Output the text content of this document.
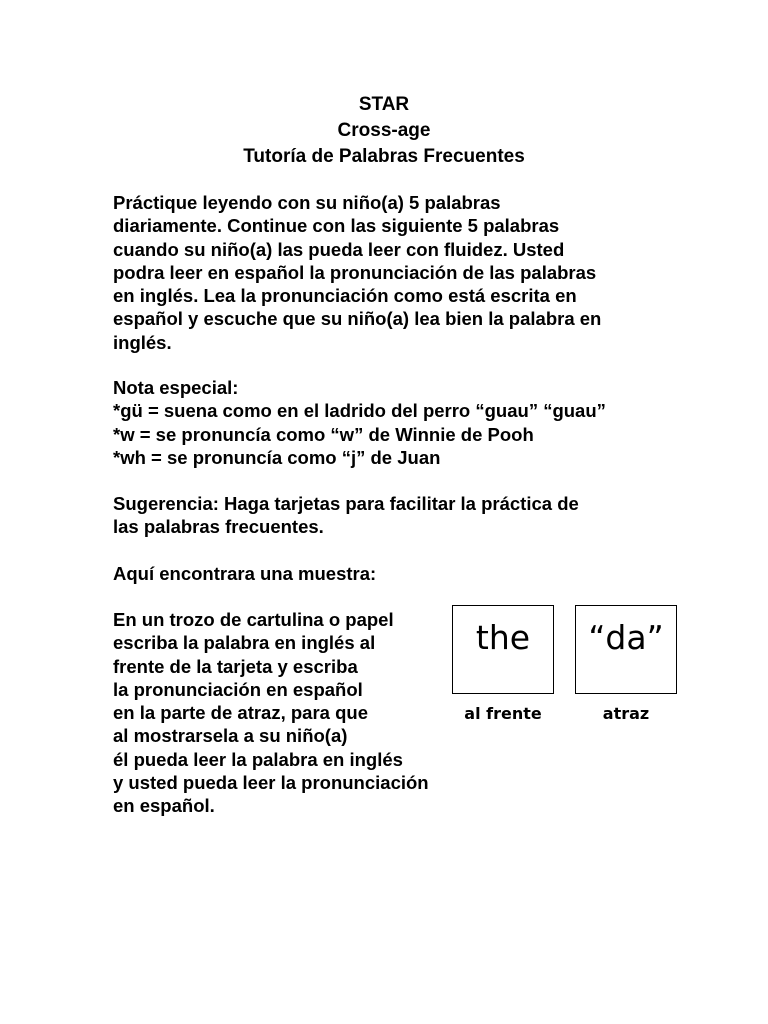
STAR
Cross-age
Tutoría de Palabras Frecuentes
Práctique leyendo con su niño(a) 5 palabras
diariamente. Continue con las siguiente 5 palabras
cuando su niño(a) las pueda leer con fluidez. Usted
podra leer en español la pronunciación de las palabras
en inglés. Lea la pronunciación como está escrita en
español y escuche que su niño(a) lea bien la palabra en
inglés.
Nota especial:
*gü = suena como en el ladrido del perro “guau” “guau”
*w = se pronuncía como “w” de Winnie de Pooh
*wh = se pronuncía como “j” de Juan
Sugerencia: Haga tarjetas para facilitar la práctica de
las palabras frecuentes.
Aquí encontrara una muestra:
En un trozo de cartulina o papel
escriba la palabra en inglés al
frente de la tarjeta y escriba
la pronunciación en español
en la parte de atraz, para que
al mostrarsela a su niño(a)
él pueda leer la palabra en inglés
y usted pueda leer la pronunciación
en español.
the
al frente
“da”
atraz
